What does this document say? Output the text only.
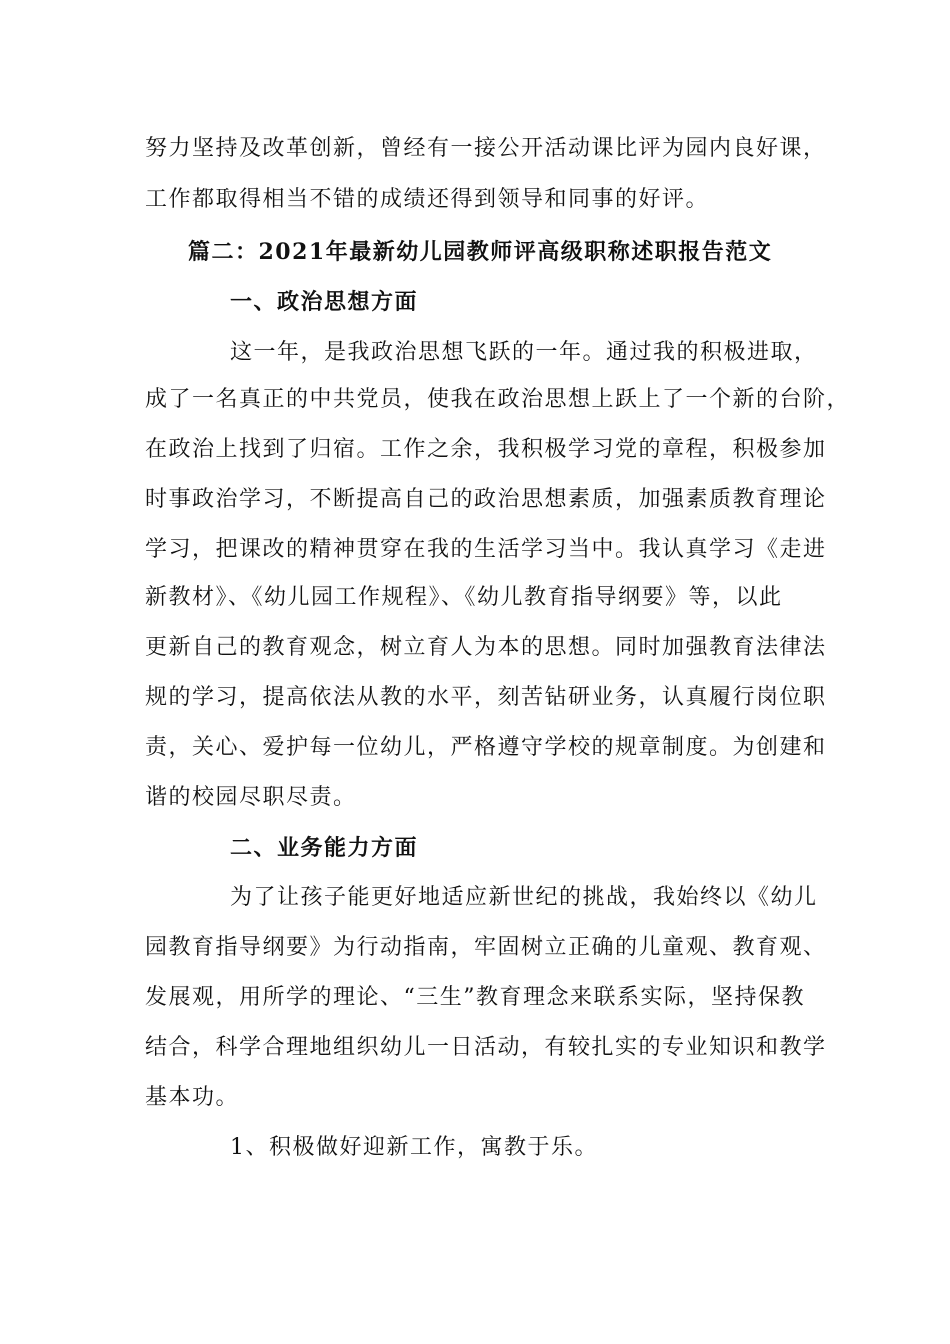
努力坚持及改革创新，曾经有一接公开活动课比评为园内良好课，
工作都取得相当不错的成绩还得到领导和同事的好评。
篇二：2021年最新幼儿园教师评高级职称述职报告范文
一、政治思想方面
这一年，是我政治思想飞跃的一年。通过我的积极进取，
成了一名真正的中共党员，使我在政治思想上跃上了一个新的台阶，
在政治上找到了归宿。工作之余，我积极学习党的章程，积极参加
时事政治学习，不断提高自己的政治思想素质，加强素质教育理论
学习，把课改的精神贯穿在我的生活学习当中。我认真学习《走进
新教材》、《幼儿园工作规程》、《幼儿教育指导纲要》等，以此
更新自己的教育观念，树立育人为本的思想。同时加强教育法律法
规的学习，提高依法从教的水平，刻苦钻研业务，认真履行岗位职
责，关心、爱护每一位幼儿，严格遵守学校的规章制度。为创建和
谐的校园尽职尽责。
二、业务能力方面
为了让孩子能更好地适应新世纪的挑战，我始终以《幼儿
园教育指导纲要》为行动指南，牢固树立正确的儿童观、教育观、
发展观，用所学的理论、“三生”教育理念来联系实际，坚持保教
结合，科学合理地组织幼儿一日活动，有较扎实的专业知识和教学
基本功。
1、积极做好迎新工作，寓教于乐。
